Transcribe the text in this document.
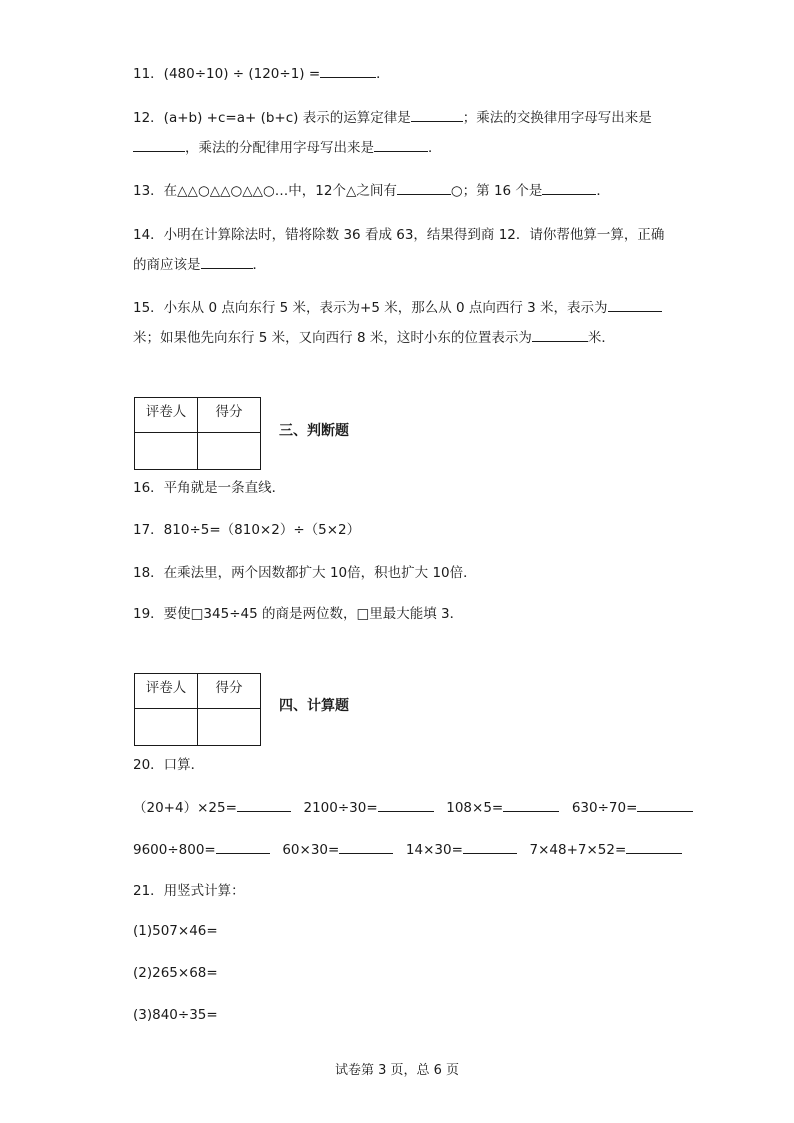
11．(480÷10) ÷ (120÷1) =	．
12．(a+b) +c=a+ (b+c) 表示的运算定律是	；乘法的交换律用字母写出来是
，乘法的分配律用字母写出来是	．
13．在△△○△△○△△○…中，12个△之间有	○；第 16 个是	．
14．小明在计算除法时，错将除数 36 看成 63，结果得到商 12．请你帮他算一算，正确
的商应该是	．
15．小东从 0 点向东行 5 米，表示为+5 米，那么从 0 点向西行 3 米，表示为
米；如果他先向东行 5 米，又向西行 8 米，这时小东的位置表示为	米．
评卷人	得分

三、判断题
16．平角就是一条直线．
17．810÷5=（810×2）÷（5×2）
18．在乘法里，两个因数都扩大 10倍，积也扩大 10倍．
19．要使□345÷45 的商是两位数，□里最大能填 3．
评卷人	得分

四、计算题
20．口算．
（20+4）×25=	2100÷30=	108×5=	630÷70=
9600÷800=	60×30=	14×30=	7×48+7×52=
21．用竖式计算：
(1)507×46=
(2)265×68=
(3)840÷35=
试卷第 3 页，总 6 页
